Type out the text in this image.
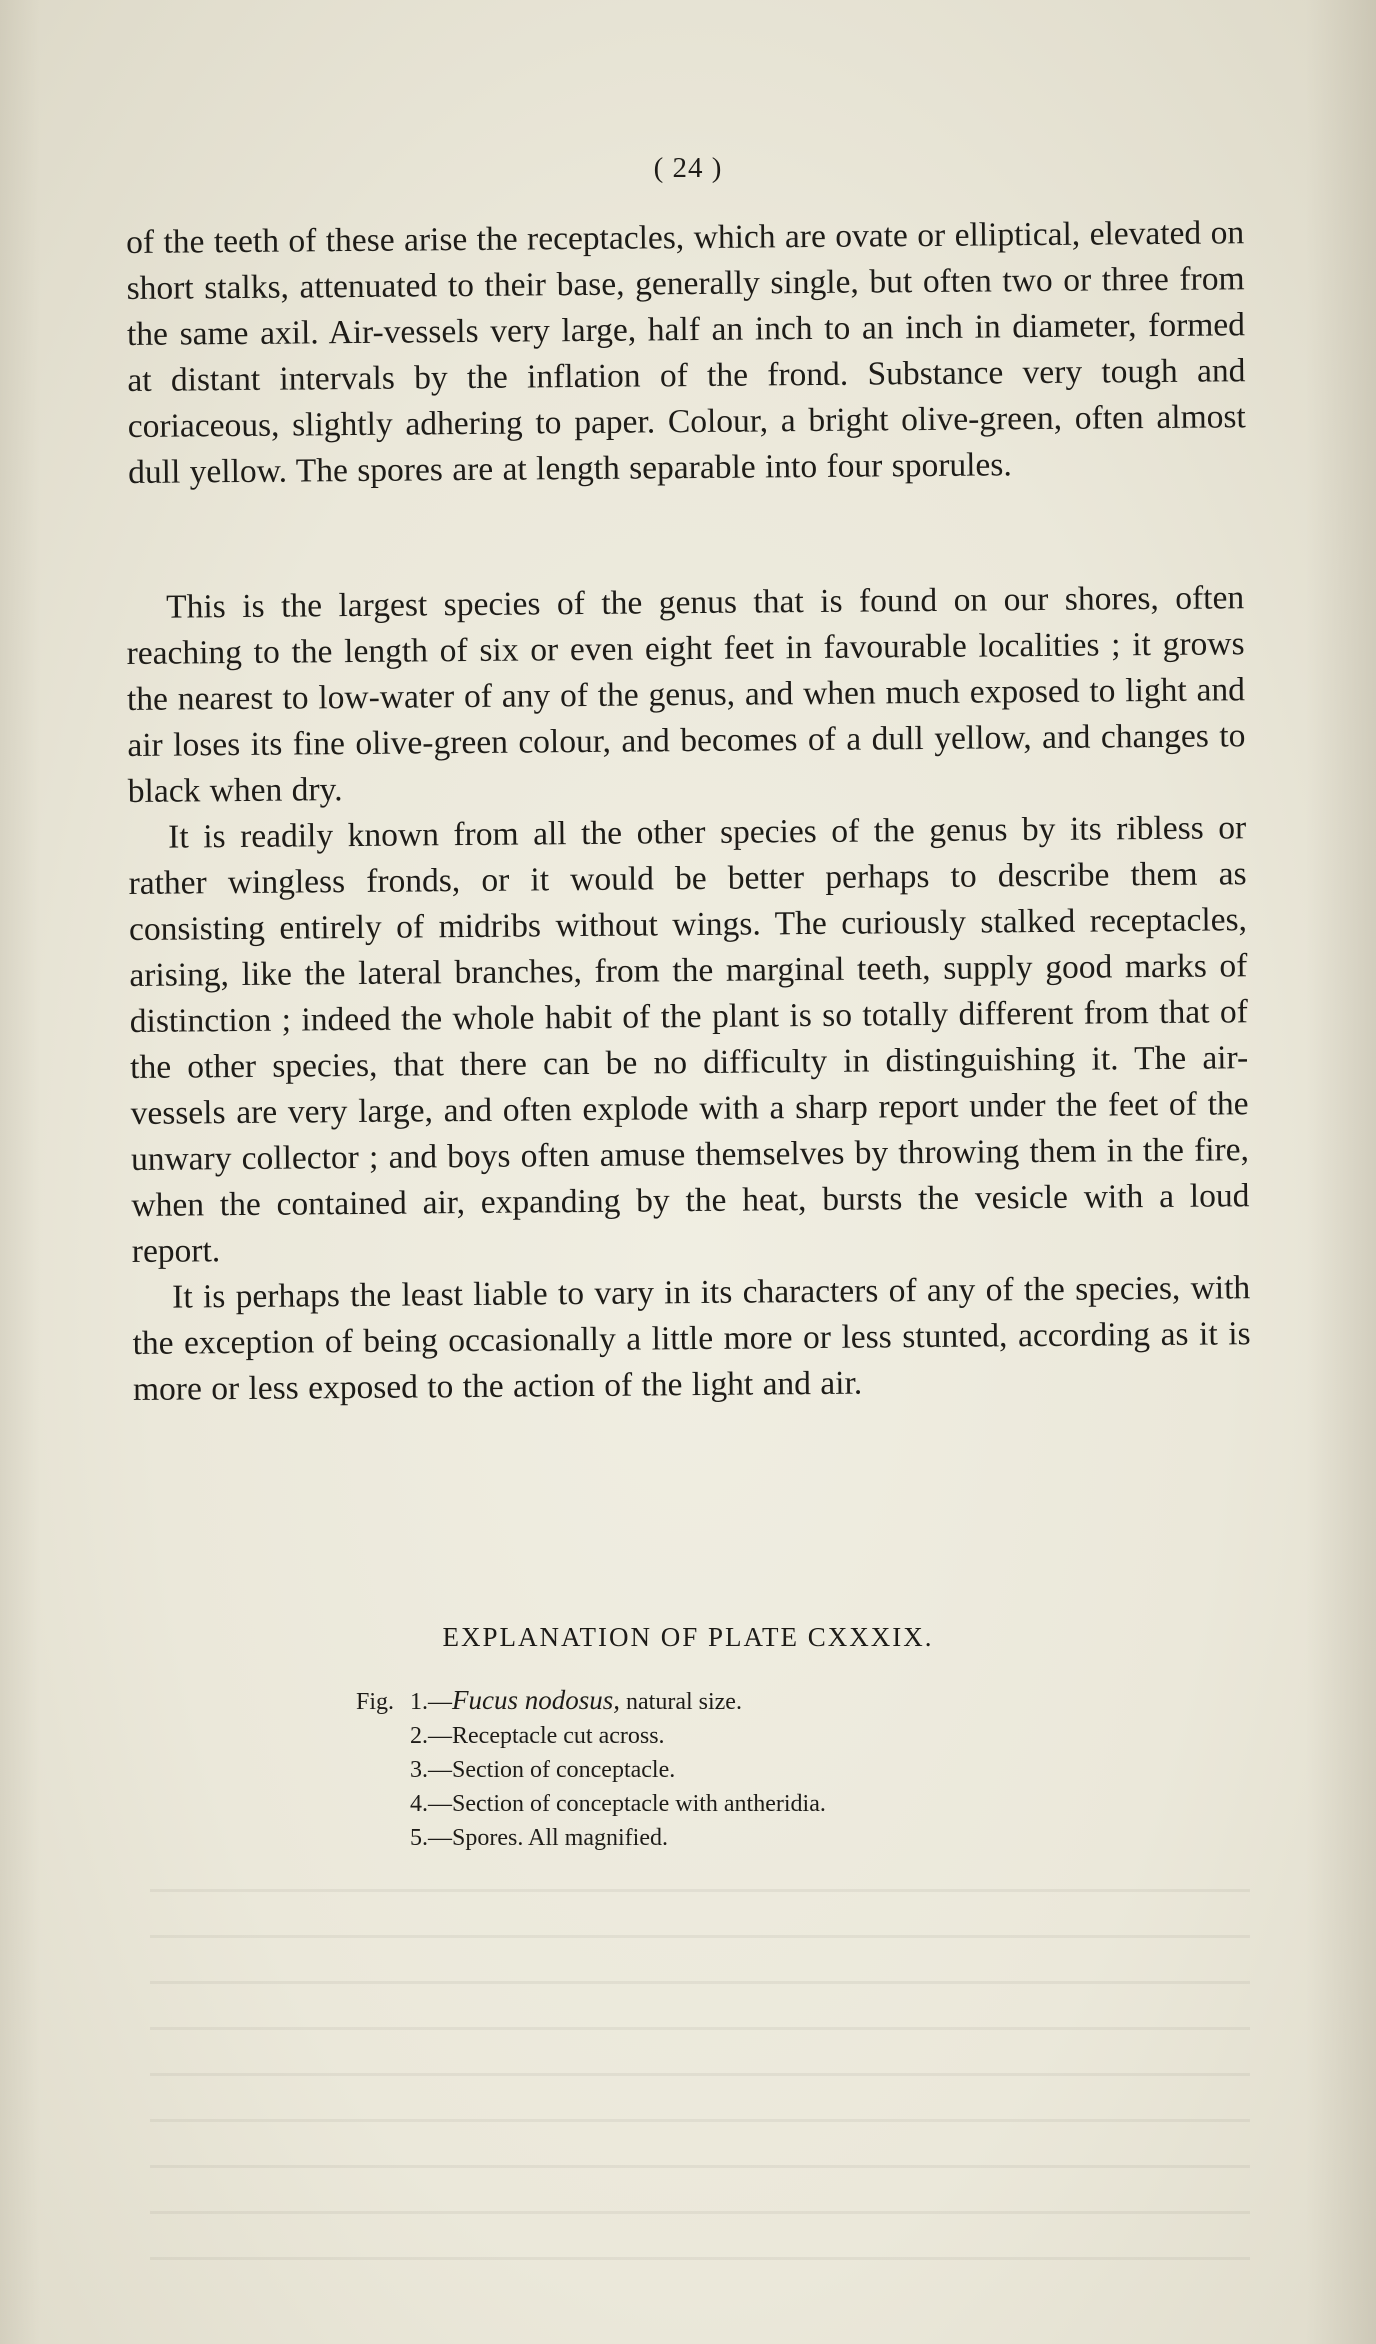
( 24 )

of the teeth of these arise the receptacles, which are ovate or elliptical, elevated on short stalks, attenuated to their base, generally single, but often two or three from the same axil. Air-vessels very large, half an inch to an inch in diameter, formed at distant intervals by the inflation of the frond. Substance very tough and coriaceous, slightly adhering to paper. Colour, a bright olive-green, often almost dull yellow. The spores are at length separable into four sporules.

This is the largest species of the genus that is found on our shores, often reaching to the length of six or even eight feet in favourable localities ; it grows the nearest to low-water of any of the genus, and when much exposed to light and air loses its fine olive-green colour, and becomes of a dull yellow, and changes to black when dry.

It is readily known from all the other species of the genus by its ribless or rather wingless fronds, or it would be better perhaps to describe them as consisting entirely of midribs without wings. The curiously stalked receptacles, arising, like the lateral branches, from the marginal teeth, supply good marks of distinction ; indeed the whole habit of the plant is so totally different from that of the other species, that there can be no difficulty in distinguishing it. The air-vessels are very large, and often explode with a sharp report under the feet of the unwary collector ; and boys often amuse themselves by throwing them in the fire, when the contained air, expanding by the heat, bursts the vesicle with a loud report.

It is perhaps the least liable to vary in its characters of any of the species, with the exception of being occasionally a little more or less stunted, according as it is more or less exposed to the action of the light and air.

EXPLANATION OF PLATE CXXXIX.
Fig. 1.—Fucus nodosus, natural size.
2.—Receptacle cut across.
3.—Section of conceptacle.
4.—Section of conceptacle with antheridia.
5.—Spores. All magnified.
